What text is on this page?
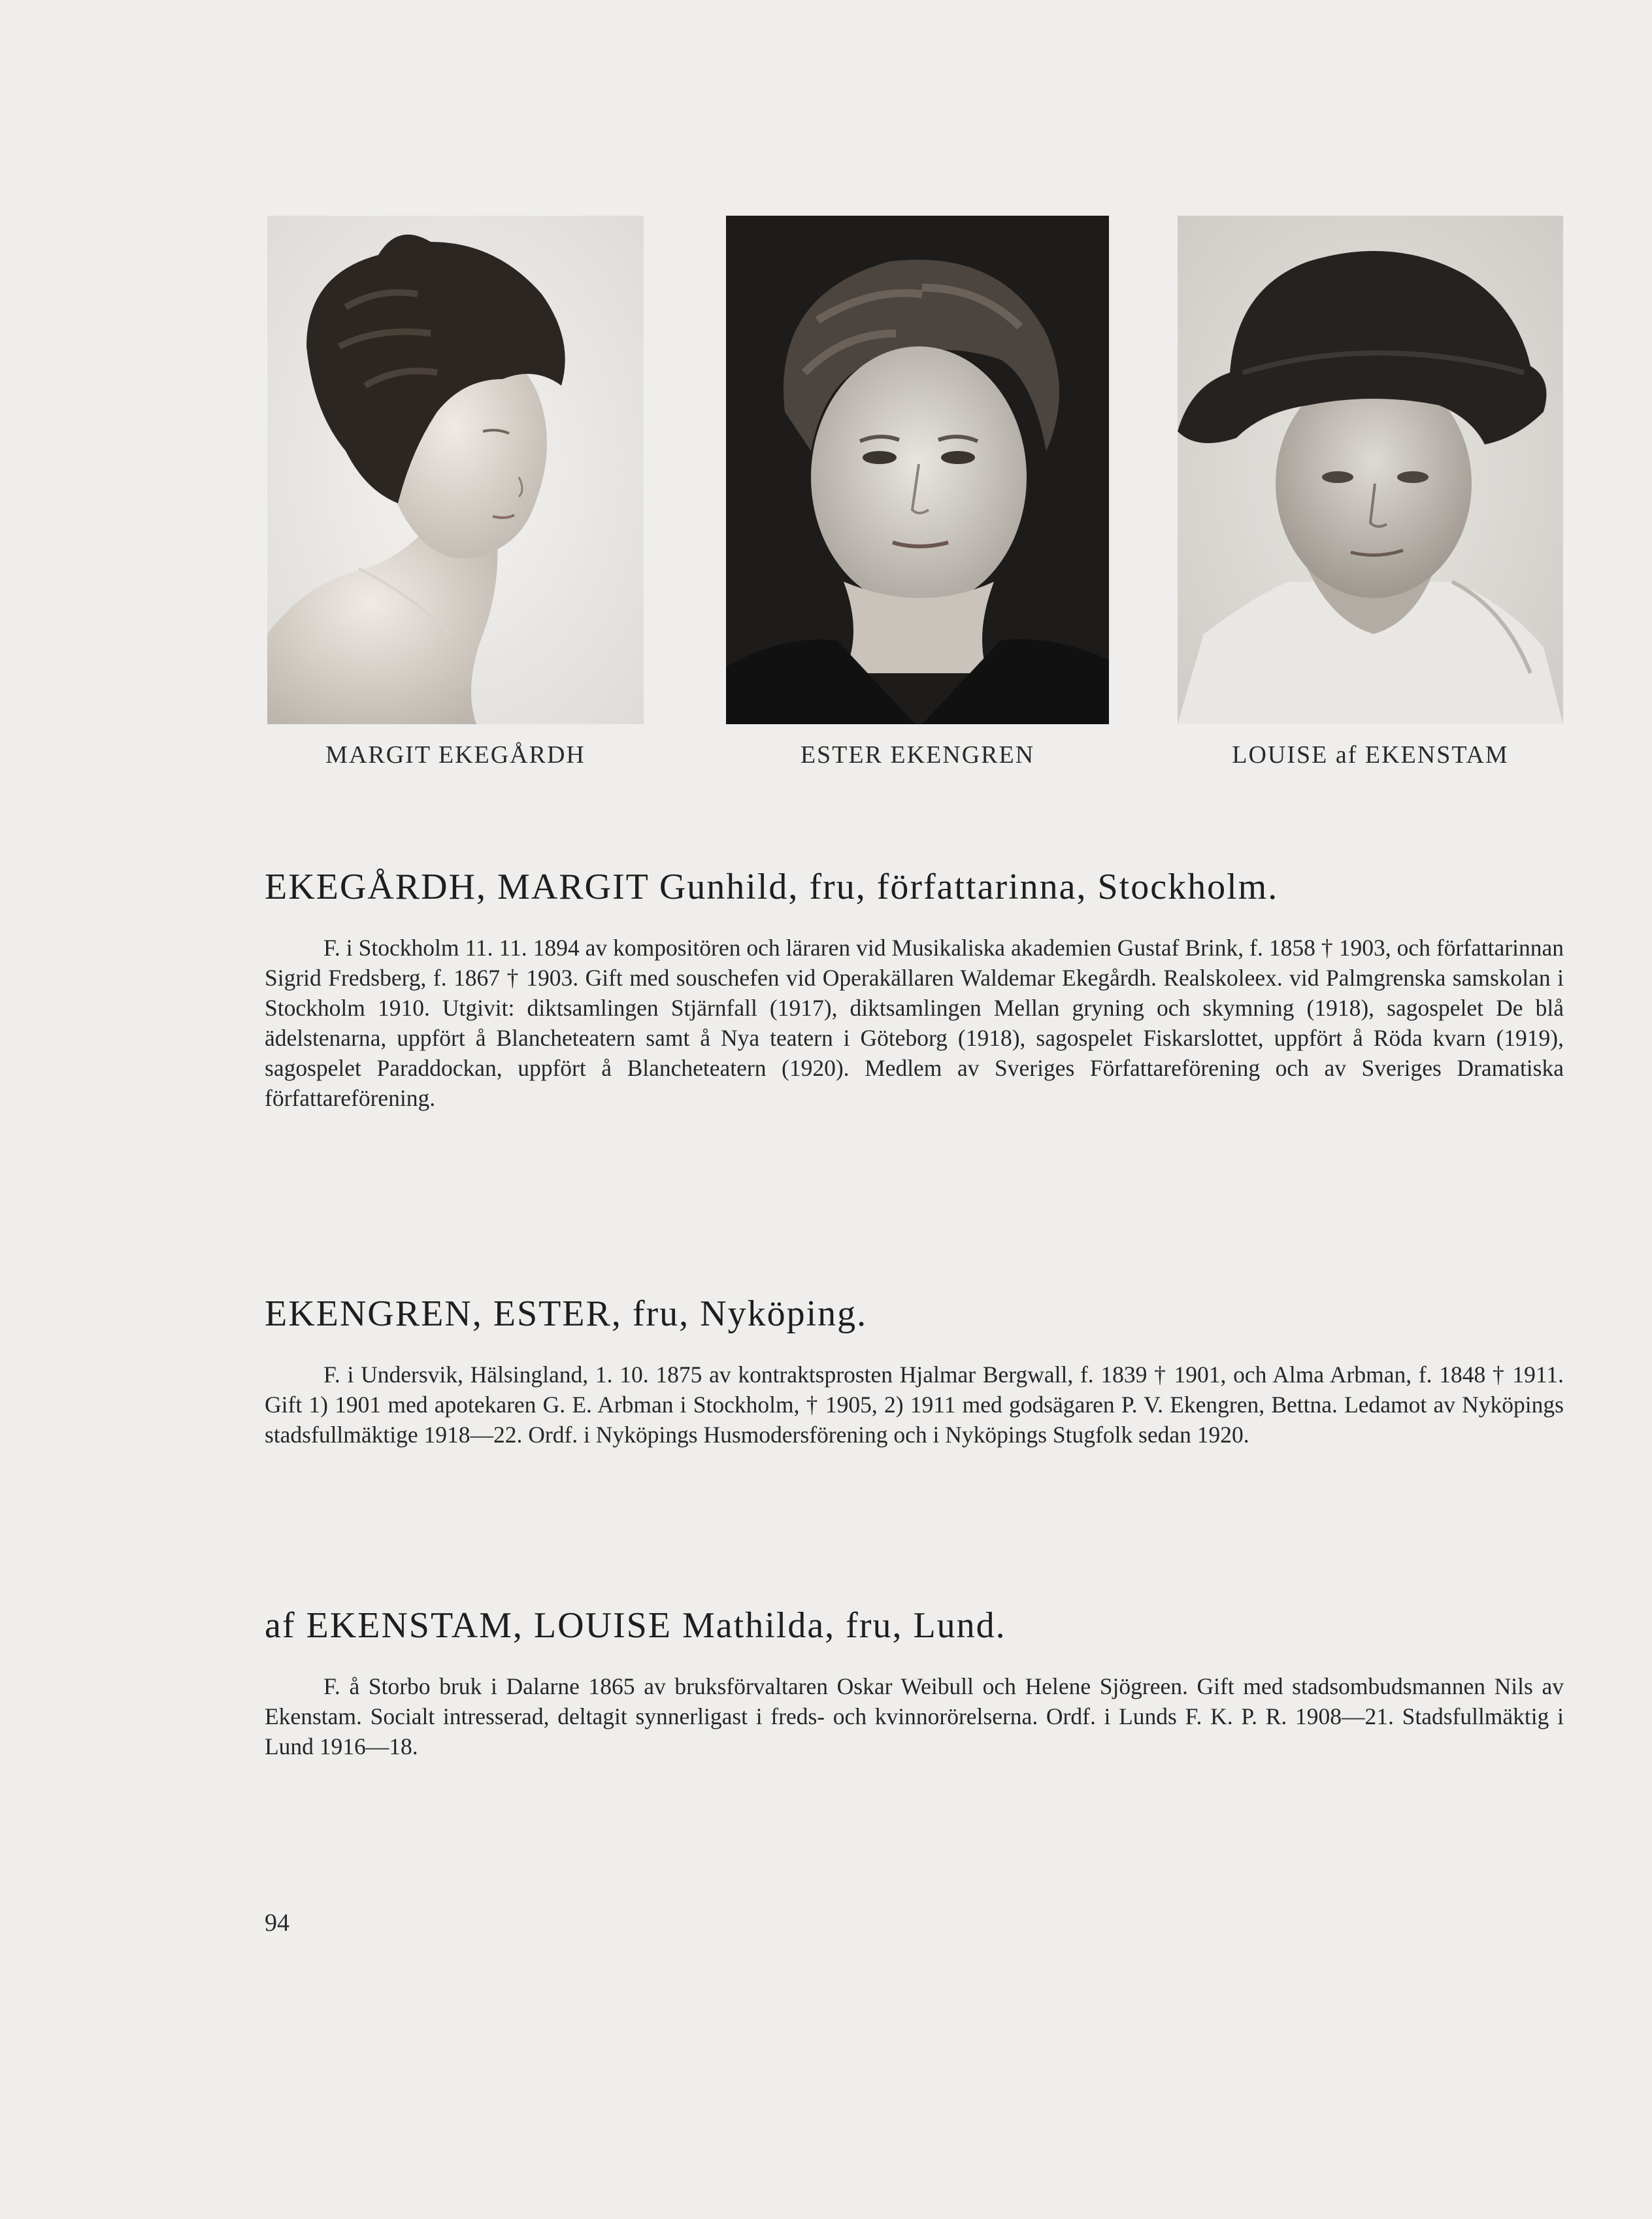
MARGIT EKEGÅRDH	ESTER EKENGREN	LOUISE af EKENSTAM
EKEGÅRDH, MARGIT Gunhild, fru, författarinna, Stockholm.

F. i Stockholm 11. 11. 1894 av kompositören och läraren vid Musikaliska akademien Gustaf Brink, f. 1858 † 1903, och författarinnan Sigrid Fredsberg, f. 1867 † 1903. Gift med souschefen vid Operakällaren Waldemar Ekegårdh. Realskoleex. vid Palmgrenska samskolan i Stockholm 1910. Utgivit: diktsamlingen Stjärnfall (1917), diktsamlingen Mellan gryning och skymning (1918), sagospelet De blå ädelstenarna, uppfört å Blancheteatern samt å Nya teatern i Göteborg (1918), sagospelet Fiskarslottet, uppfört å Röda kvarn (1919), sagospelet Paraddockan, uppfört å Blancheteatern (1920). Medlem av Sveriges Författareförening och av Sveriges Dramatiska författareförening.

EKENGREN, ESTER, fru, Nyköping.

F. i Undersvik, Hälsingland, 1. 10. 1875 av kontraktsprosten Hjalmar Bergwall, f. 1839 † 1901, och Alma Arbman, f. 1848 † 1911. Gift 1) 1901 med apotekaren G. E. Arbman i Stockholm, † 1905, 2) 1911 med godsägaren P. V. Ekengren, Bettna. Ledamot av Nyköpings stadsfullmäktige 1918—22. Ordf. i Nyköpings Husmodersförening och i Nyköpings Stugfolk sedan 1920.

af EKENSTAM, LOUISE Mathilda, fru, Lund.

F. å Storbo bruk i Dalarne 1865 av bruksförvaltaren Oskar Weibull och Helene Sjögreen. Gift med stadsombudsmannen Nils av Ekenstam. Socialt intresserad, deltagit synnerligast i freds- och kvinnorörelserna. Ordf. i Lunds F. K. P. R. 1908—21. Stadsfullmäktig i Lund 1916—18.

94
